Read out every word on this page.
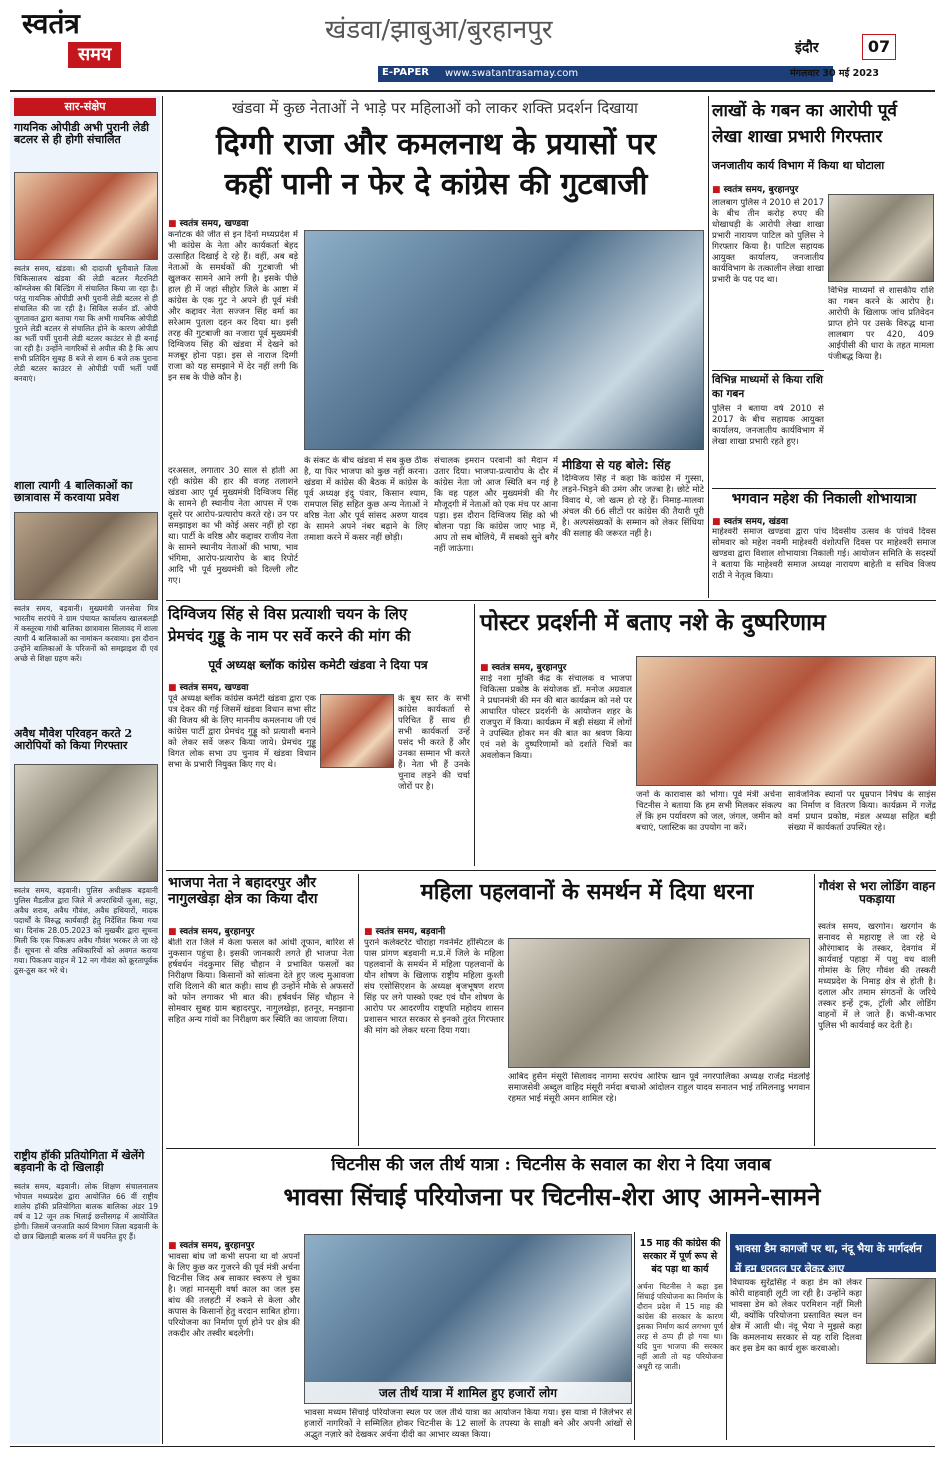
स्वतंत्र
समय
खंडवा/झाबुआ/बुरहानपुर
E-PAPER www.swatantrasamay.com
इंदौर	07
मंगलवार 30 मई 2023
सार-संक्षेप
गायनिक ओपीडी अभी पुरानी लेडी बटलर से ही होगी संचालित
स्वतंत्र समय, खंडवा। श्री दादाजी धूनीवाले जिला चिकित्सालय खंडवा की लेडी बटलर मैटरनिटी कॉम्प्लेक्स की बिल्डिंग में संचालित किया जा रहा है। परंतु गायनिक ओपीडी अभी पुरानी लेडी बटलर से ही संचालित की जा रही है। सिविल सर्जन डॉ. ओपी जुगतावत द्वारा बताया गया कि अभी गायनिक ओपीडी पुराने लेडी बटलर से संचालित होने के कारण ओपीडी का भर्ती पर्ची पुरानी लेडी बटलर काउंटर से ही बनाई जा रही है। उन्होंने नागरिकों से अपील की है कि आप सभी प्रतिदिन सुबह 8 बजे से शाम 6 बजे तक पुराना लेडी बटलर काउंटर से ओपीडी पर्ची भर्ती पर्ची बनवाएं।
शाला त्यागी 4 बालिकाओं का छात्रावास में करवाया प्रवेश
स्वतंत्र समय, बड़वानी। मुख्यमंत्री जनसेवा मित्र भारतीय सरपंचे ने ग्राम पंचायत कार्यालय खालबलड़ी में कस्तूरबा गांधी बालिका छात्रावास सिलावद में शाला त्यागी 4 बालिकाओं का नामांकन करवाया। इस दौरान उन्होंने बालिकाओं के परिजनों को समझाइश दी एवं अच्छे से शिक्षा ग्रहण करें।
अवैध मौवेश परिवहन करते 2 आरोपियों को किया गिरफ्तार
स्वतंत्र समय, बड़वानी। पुलिस अधीक्षक बड़वानी पुलिस मैडलीज द्वारा जिले में अपराधियों जुआ, सट्टा, अवैध शराब, अवैध गौवंश, अवैध हथियारों, मादक पदार्थों के विरुद्ध कार्यवाही हेतु निर्देशित किया गया था। दिनांक 28.05.2023 को मुखबीर द्वारा सूचना मिली कि एक पिकअप अवैध गौवंश भरकर ले जा रहे हैं। सूचना से वरिष्ठ अधिकारियों को अवगत कराया गया। पिकअप वाहन में 12 नग गौवंश को क्रूरतापूर्वक ठूस-ठूस कर भरे थे।
राष्ट्रीय हॉकी प्रतियोगिता में खेलेंगे बड़वानी के दो खिलाड़ी
स्वतंत्र समय, बड़वानी। लोक शिक्षण संचालनालय भोपाल मध्यप्रदेश द्वारा आयोजित 66 वीं राष्ट्रीय शालेय हॉकी प्रतियोगिता बालक बालिका अंडर 19 वर्ष व 12 जून तक भिलाई छत्तीसगढ़ में आयोजित होगी। जिसमें जनजाति कार्य विभाग जिला बड़वानी के दो छात्र खिलाड़ी बालक वर्ग में चयनित हुए हैं।
खंडवा में कुछ नेताओं ने भाड़े पर महिलाओं को लाकर शक्ति प्रदर्शन दिखाया
दिग्गी राजा और कमलनाथ के प्रयासों पर
कहीं पानी न फेर दे कांग्रेस की गुटबाजी
■ स्वतंत्र समय, खण्डवा
कर्नाटक की जीत से इन दिनों मध्यप्रदेश में भी कांग्रेस के नेता और कार्यकर्ता बेहद उत्साहित दिखाई दे रहे हैं। वहीं, अब बड़े नेताओं के समर्थकों की गुटबाजी भी खुलकर सामने आने लगी है। इसके पीछे हाल ही में जहां सीहोर जिले के आष्टा में कांग्रेस के एक गुट ने अपने ही पूर्व मंत्री और कद्दावर नेता सज्जन सिंह वर्मा का सरेआम पुतला दहन कर दिया था। इसी तरह की गुटबाजी का नजारा पूर्व मुख्यमंत्री दिग्विजय सिंह की खंडवा में देखने को मजबूर होना पड़ा। इस से नाराज दिग्गी राजा को यह समझाने में देर नहीं लगी कि इन सब के पीछे कौन है।
दरअसल, लगातार 30 साल से होती आ रही कांग्रेस की हार की वजह तलाशने खंडवा आए पूर्व मुख्यमंत्री दिग्विजय सिंह के सामने ही स्थानीय नेता आपस में एक दूसरे पर आरोप-प्रत्यारोप करते रहे। उन पर समझाइश का भी कोई असर नहीं हो रहा था। पार्टी के वरिष्ठ और कद्दावर राजीय नेता के सामने स्थानीय नेताओं की भाषा, भाव भंगिमा, आरोप-प्रत्यारोप के बाद रिपोर्ट आदि भी पूर्व मुख्यमंत्री को दिल्ली लौट गए।
के संकट के बीच खंडवा में सब कुछ ठीक है, या फिर भाजपा को कुछ नहीं करना। खंडवा में कांग्रेस की बैठक में कांग्रेस के पूर्व अध्यक्ष इंदु पंवार, किसान श्याम, रामपाल सिंह सहित कुछ अन्य नेताओं ने वरिष्ठ नेता और पूर्व सांसद अरुण यादव के सामने अपने नंबर बढ़ाने के लिए तमाशा करने में कसर नहीं छोड़ी।
संचालक इमरान परवानी को मैदान में उतार दिया। भाजपा-प्रत्यारोप के दौर में कांग्रेस नेता जो आज स्थिति बन गई है कि वह पहल और मुख्यमंत्री की गैर मौजूदगी में नेताओं को एक मंच पर आना पड़ा। इस दौरान दिग्विजय सिंह को भी बोलना पड़ा कि कांग्रेस जाए भाड़ में, आप तो सब बोलिये, मैं सबको सुने बगैर नहीं जाऊंगा।
मीडिया से यह बोले: सिंह
दिग्विजय सिंह ने कहा कि कांग्रेस में गुस्सा, लड़ने-भिड़ने की उमंग और जज्बा है। छोटे मोटे विवाद थे, जो खत्म हो रहे हैं। निमाड़-मालवा अंचल की 66 सीटों पर कांग्रेस की तैयारी पूरी है। अल्पसंख्यकों के सम्मान को लेकर सिंधिया की सलाह की जरूरत नहीं है।
लाखों के गबन का आरोपी पूर्व
लेखा शाखा प्रभारी गिरफ्तार
जनजातीय कार्य विभाग में किया था घोटाला
■ स्वतंत्र समय, बुरहानपुर
लालबाग पुलिस ने 2010 से 2017 के बीच तीन करोड़ रुपए की धोखाधड़ी के आरोपी लेखा शाखा प्रभारी नारायण पाटिल को पुलिस ने गिरफ्तार किया है। पाटिल सहायक आयुक्त कार्यालय, जनजातीय कार्यविभाग के तत्कालीन लेखा शाखा प्रभारी के पद पद था।
विभिन्न माध्यमों से शासकीय राशि का गबन करने के आरोप है। आरोपी के खिलाफ जांच प्रतिवेदन प्राप्त होने पर उसके विरुद्ध थाना लालबाग पर 420, 409 आईपीसी की धारा के तहत मामला पंजीबद्ध किया है।
विभिन्न माध्यमों से किया राशि का गबन
पुलिस ने बताया वर्ष 2010 से 2017 के बीच सहायक आयुक्त कार्यालय, जनजातीय कार्यविभाग में लेखा शाखा प्रभारी रहते हुए।
भगवान महेश की निकाली शोभायात्रा
■ स्वतंत्र समय, खंडवा
माहेश्वरी समाज खण्डवा द्वारा पांच दिवसीय उत्सव के पांचवें दिवस सोमवार को महेश नवमी माहेश्वरी वंशोत्पत्ति दिवस पर माहेश्वरी समाज खण्डवा द्वारा विशाल शोभायात्रा निकाली गई। आयोजन समिति के सदस्यों ने बताया कि माहेश्वरी समाज अध्यक्ष नारायण बाहेती व सचिव विजय राठी ने नेतृत्व किया।
दिग्विजय सिंह से विस प्रत्याशी चयन के लिए
प्रेमचंद गुड्डू के नाम पर सर्वे करने की मांग की
पूर्व अध्यक्ष ब्लॉक कांग्रेस कमेटी खंडवा ने दिया पत्र
■ स्वतंत्र समय, खण्डवा
पूर्व अध्यक्ष ब्लॉक कांग्रेस कमेटी खंडवा द्वारा एक पत्र देकर की गई जिसमें खंडवा विधान सभा सीट की विजय श्री के लिए माननीय कमलनाथ जी एवं कांग्रेस पार्टी द्वारा प्रेमचंद गुड्डू को प्रत्याशी बनाने को लेकर सर्वे जरूर किया जाये। प्रेमचंद गुड्डू विगत लोक सभा उप चुनाव में खंडवा विधान सभा के प्रभारी नियुक्त किए गए थे।
के बूथ स्तर के सभी कांग्रेस कार्यकर्ता से परिचित हैं साथ ही सभी कार्यकर्ता उन्हें पसंद भी करते हैं और उनका सम्मान भी करते हैं। नेता भी हैं उनके चुनाव लड़ने की चर्चा जोरों पर है।
पोस्टर प्रदर्शनी में बताए नशे के दुष्परिणाम
■ स्वतंत्र समय, बुरहानपुर
साई नशा मुक्ति केंद्र के संचालक व भाजपा चिकित्सा प्रकोष्ठ के संयोजक डॉ. मनोज अग्रवाल ने प्रधानमंत्री की मन की बात कार्यक्रम को नशे पर आधारित पोस्टर प्रदर्शनी के आयोजन शहर के राजपुरा में किया। कार्यक्रम में बड़ी संख्या में लोगों ने उपस्थित होकर मन की बात का श्रवण किया एवं नशे के दुष्परिणामों को दर्शाते चित्रों का अवलोकन किया।
जनों के कारावास को भोगा। पूर्व मंत्री अर्चना चिटनीस ने बताया कि हम सभी मिलकर संकल्प लें कि हम पर्यावरण को जल, जंगल, जमीन को बचाएं, प्लास्टिक का उपयोग ना करें।
सार्वजनिक स्थानों पर धूम्रपान निषेध के साइंस का निर्माण व वितरण किया। कार्यक्रम में गजेंद्र वर्मा प्रधान प्रकोष्ठ, मंडल अध्यक्ष सहित बड़ी संख्या में कार्यकर्ता उपस्थित रहे।
भाजपा नेता ने बहादरपुर और नागुलखेड़ा क्षेत्र का किया दौरा
■ स्वतंत्र समय, बुरहानपुर
बीती रात जिले में केला फसल को आंधी तूफान, बारिश से नुकसान पहुंचा है। इसकी जानकारी लगते ही भाजपा नेता हर्षवर्धन नंदकुमार सिंह चौहान ने प्रभावित फसलों का निरीक्षण किया। किसानों को सांत्वना देते हुए जल्द मुआवजा राशि दिलाने की बात कही। साथ ही उन्होंने मौके से अफसरों को फोन लगाकर भी बात की। हर्षवर्धन सिंह चौहान ने सोमवार सुबह ग्राम बहादरपुर, नागुलखेड़ा, हतनूर, मनझाना सहित अन्य गांवों का निरीक्षण कर स्थिति का जायजा लिया।
महिला पहलवानों के समर्थन में दिया धरना
■ स्वतंत्र समय, बड़वानी
पुराने कलेक्टरेट चौराहा गवर्नमेंट हॉस्पिटल के पास प्रांगण बड़वानी म.प्र.में जिले के महिला पहलवानों के समर्थन में महिला पहलवानों के यौन शोषण के खिलाफ राष्ट्रीय महिला कुश्ती संघ एसोसिएशन के अध्यक्ष बृजभूषण शरण सिंह पर लगे पास्को एक्ट एवं यौन शोषण के आरोप पर आदरणीय राष्ट्रपति महोदय शासन प्रशासन भारत सरकार से इनको तुरंत गिरफ्तार की मांग को लेकर धरना दिया गया।
आबिद हुसैन मंसूरी सिलावद नागमा सरपंच आरिफ खान पूर्व नगरपालिका अध्यक्ष राजेंद्र मंडलोई समाजसेवी अब्दुल वाहिद मंसूरी नर्मदा बचाओ आंदोलन राहुल यादव सनातन भाई तमिलनाडु भगवान रहमत भाई मंसूरी अमन शामिल रहे।
गौवंश से भरा लोडिंग वाहन पकड़ाया
स्वतंत्र समय, खरगोन। खरगोन के सनावद से महाराष्ट्र ले जा रहे थे औरंगाबाद के तस्कर, देवगांव में कार्यवाई पहाड़ा में पशु वध वाली गोमांस के लिए गौवंश की तस्करी मध्यप्रदेश के निमाड़ क्षेत्र से होती है। दलाल और तमाम संगठनों के जरिये तस्कर इन्हें ट्रक, ट्रॉली और लोडिंग वाहनों में ले जाते हैं। कभी-कभार पुलिस भी कार्यवाई कर देती है।
चिटनीस की जल तीर्थ यात्रा : चिटनीस के सवाल का शेरा ने दिया जवाब
भावसा सिंचाई परियोजना पर चिटनीस-शेरा आए आमने-सामने
■ स्वतंत्र समय, बुरहानपुर
भावसा बांध जो कभी सपना था वो अपनों के लिए कुछ कर गुजरने की पूर्व मंत्री अर्चना चिटनीस जिद अब साकार स्वरूप ले चुका है। जहां मानसूनी वर्षा काल का जल इस बांध की तलहटी में रुकने से केला और कपास के किसानों हेतु वरदान साबित होगा। परियोजना का निर्माण पूर्ण होने पर क्षेत्र की तकदीर और तस्वीर बदलेगी।
जल तीर्थ यात्रा में शामिल हुए हजारों लोग
भावसा मध्यम सिंचाई परियोजना स्थल पर जल तीर्थ यात्रा का आयोजन किया गया। इस यात्रा में जिलेभर से हजारों नागरिकों ने सम्मिलित होकर चिटनीस के 12 सालों के तपस्या के साक्षी बने और अपनी आंखों से अद्भुत नज़ारे को देखकर अर्चना दीदी का आभार व्यक्त किया।
15 माह की कांग्रेस की सरकार में पूर्ण रूप से बंद पड़ा था कार्य
अर्चना चिटनीस ने कहा इस सिंचाई परियोजना का निर्माण के दौरान प्रदेश में 15 माह की कांग्रेस की सरकार के कारण इसका निर्माण कार्य लगभग पूर्ण तरह से ठप्प ही हो गया था। यदि पुनः भाजपा की सरकार नहीं आती तो यह परियोजना अधूरी रह जाती।
भावसा डैम कागजों पर था, नंदू भैया के मार्गदर्शन में हम धरातल पर लेकर आए
विधायक सुरेंद्रसिंह ने कहा डेम को लेकर कोरी वाहवाही लूटी जा रही है। उन्होंने कहा भावसा डेम को लेकर परमिशन नहीं मिली थी, क्योंकि परियोजना प्रस्तावित स्थल वन क्षेत्र में आती थी। नंदू भैया ने मुझसे कहा कि कमलनाथ सरकार से यह राशि दिलवा कर इस डेम का कार्य शुरू करवाओ।
